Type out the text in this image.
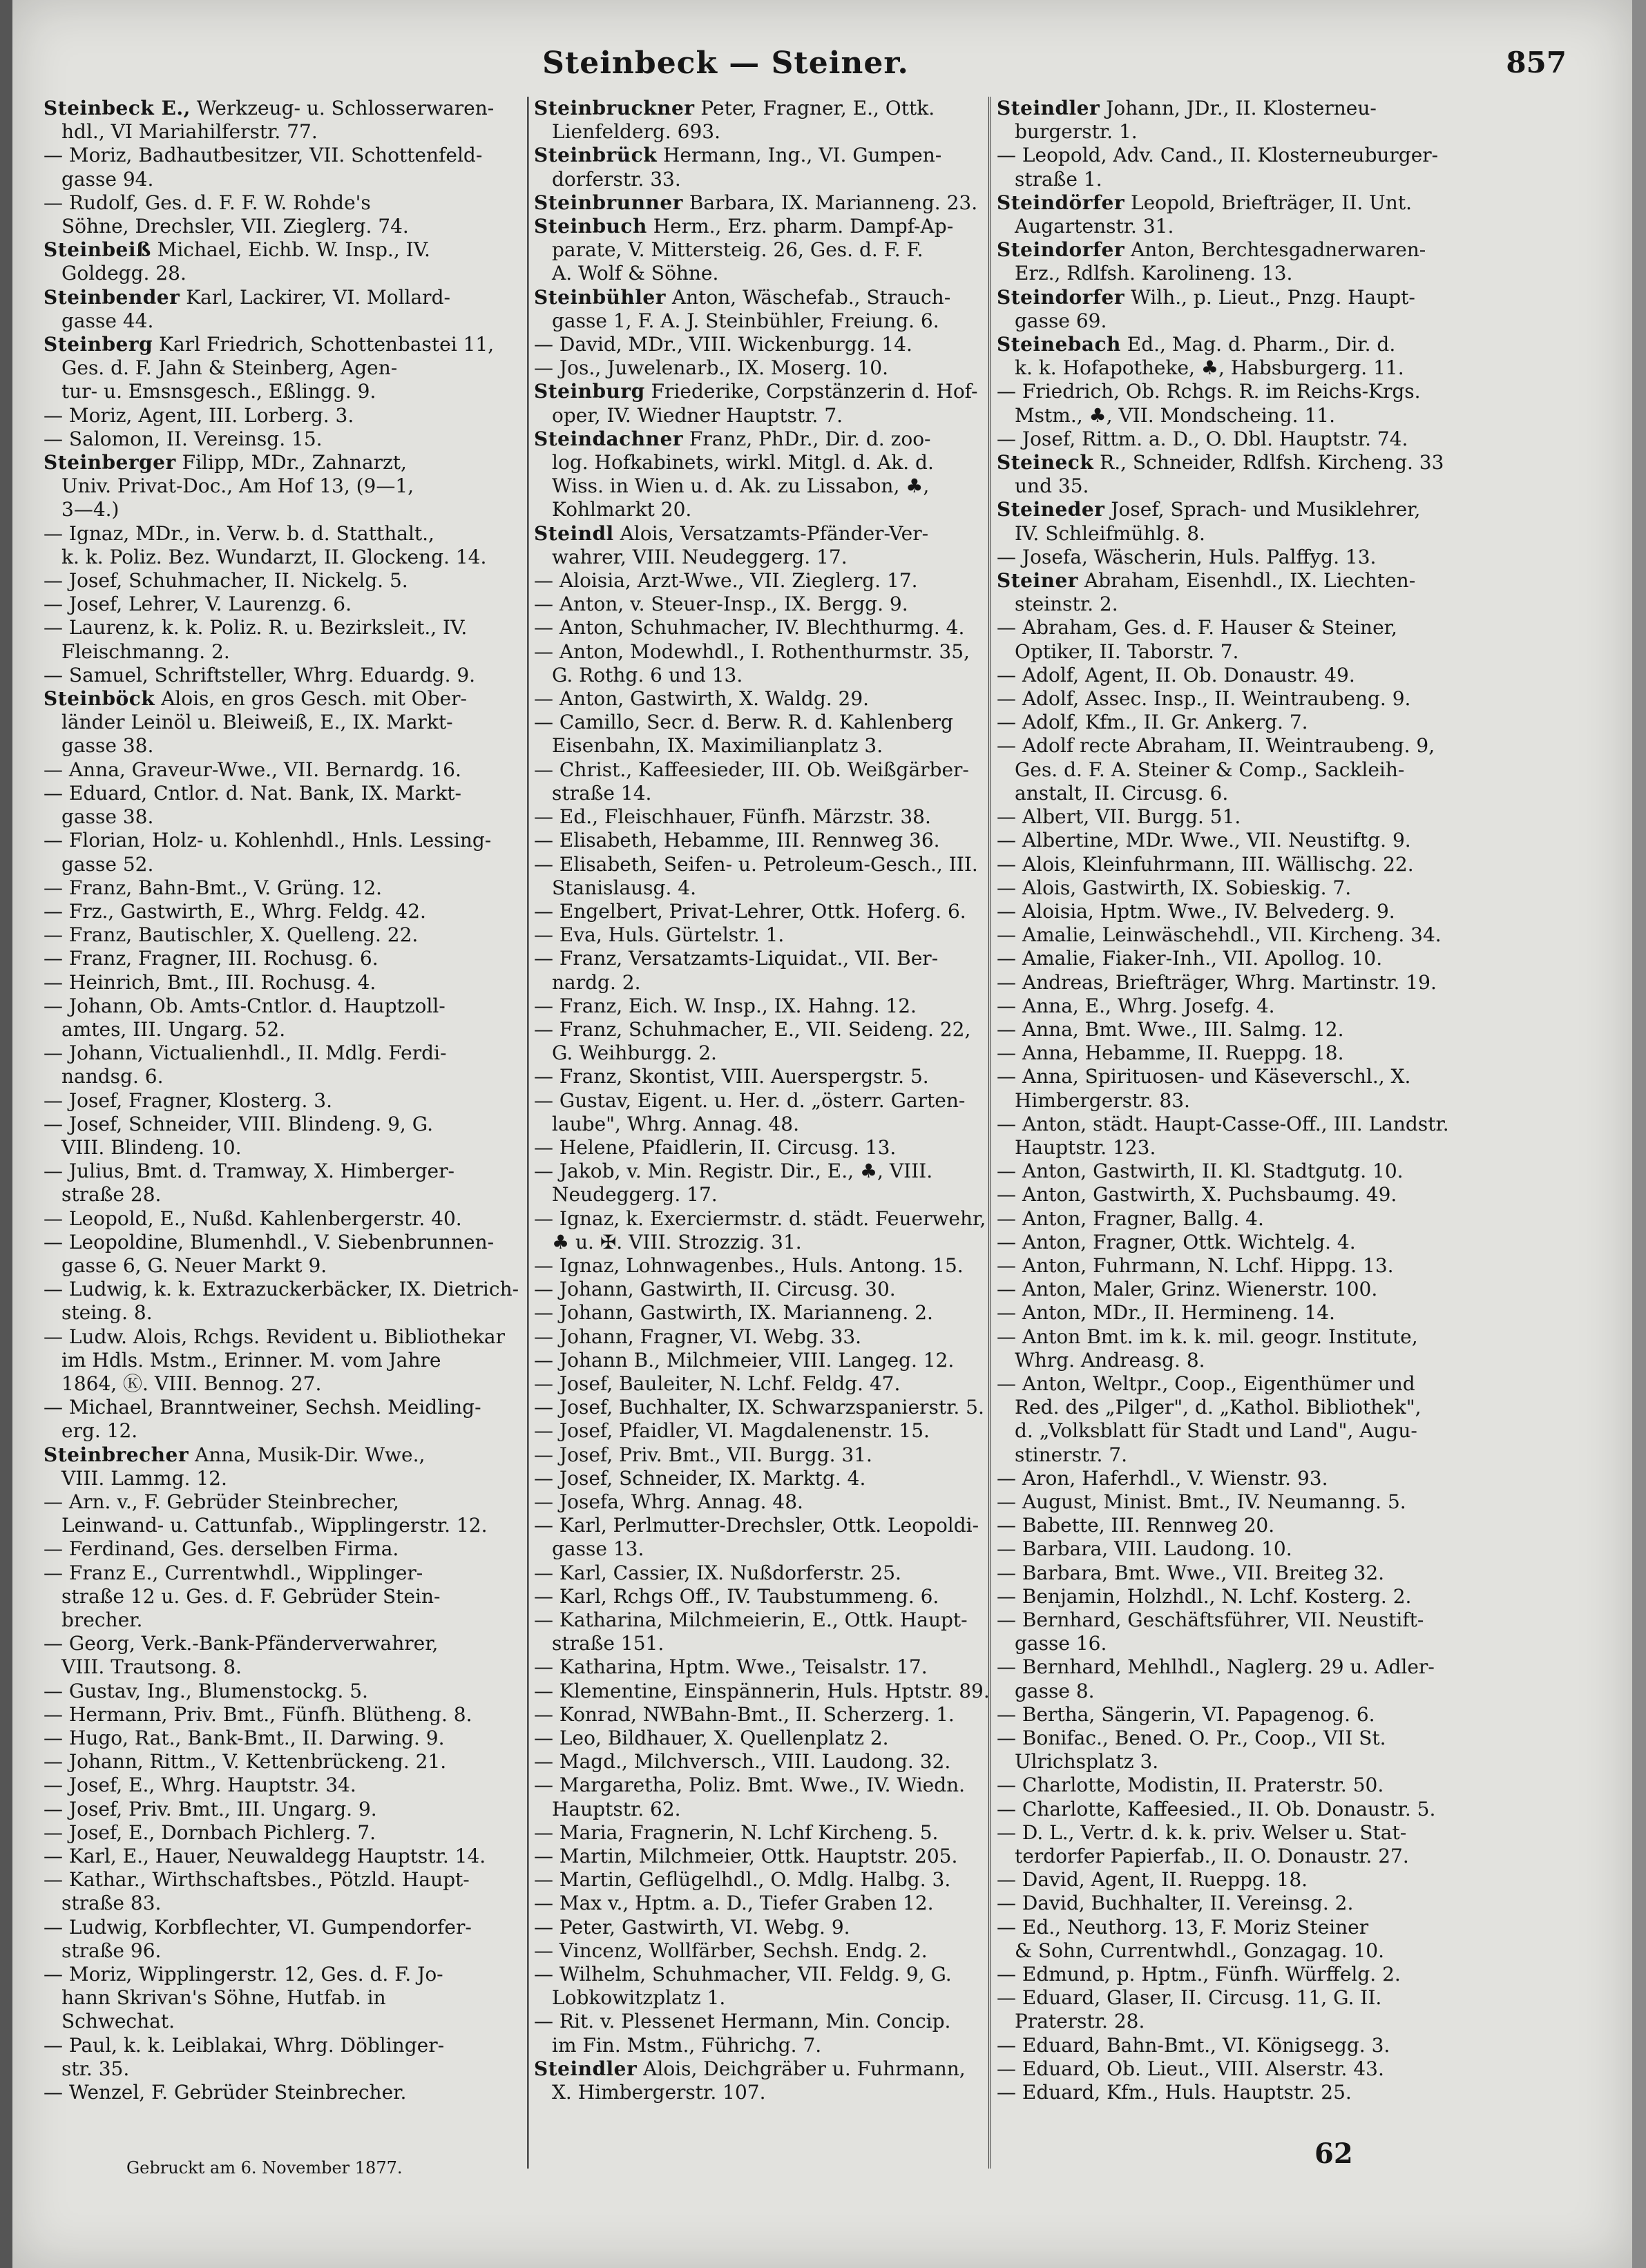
Steinbeck — Steiner.	857
Steinbeck E., Werkzeug- u. Schlosserwaren-
hdl., VI Mariahilferstr. 77.
— Moriz, Badhautbesitzer, VII. Schottenfeld-
gasse 94.
— Rudolf, Ges. d. F. F. W. Rohde's
Söhne, Drechsler, VII. Zieglerg. 74.
Steinbeiß Michael, Eichb. W. Insp., IV.
Goldegg. 28.
Steinbender Karl, Lackirer, VI. Mollard-
gasse 44.
Steinberg Karl Friedrich, Schottenbastei 11,
Ges. d. F. Jahn & Steinberg, Agen-
tur- u. Emsnsgesch., Eßlingg. 9.
— Moriz, Agent, III. Lorberg. 3.
— Salomon, II. Vereinsg. 15.
Steinberger Filipp, MDr., Zahnarzt,
Univ. Privat-Doc., Am Hof 13, (9—1,
3—4.)
— Ignaz, MDr., in. Verw. b. d. Statthalt.,
k. k. Poliz. Bez. Wundarzt, II. Glockeng. 14.
— Josef, Schuhmacher, II. Nickelg. 5.
— Josef, Lehrer, V. Laurenzg. 6.
— Laurenz, k. k. Poliz. R. u. Bezirksleit., IV.
Fleischmanng. 2.
— Samuel, Schriftsteller, Whrg. Eduardg. 9.
Steinböck Alois, en gros Gesch. mit Ober-
länder Leinöl u. Bleiweiß, E., IX. Markt-
gasse 38.
— Anna, Graveur-Wwe., VII. Bernardg. 16.
— Eduard, Cntlor. d. Nat. Bank, IX. Markt-
gasse 38.
— Florian, Holz- u. Kohlenhdl., Hnls. Lessing-
gasse 52.
— Franz, Bahn-Bmt., V. Grüng. 12.
— Frz., Gastwirth, E., Whrg. Feldg. 42.
— Franz, Bautischler, X. Quelleng. 22.
— Franz, Fragner, III. Rochusg. 6.
— Heinrich, Bmt., III. Rochusg. 4.
— Johann, Ob. Amts-Cntlor. d. Hauptzoll-
amtes, III. Ungarg. 52.
— Johann, Victualienhdl., II. Mdlg. Ferdi-
nandsg. 6.
— Josef, Fragner, Klosterg. 3.
— Josef, Schneider, VIII. Blindeng. 9, G.
VIII. Blindeng. 10.
— Julius, Bmt. d. Tramway, X. Himberger-
straße 28.
— Leopold, E., Nußd. Kahlenbergerstr. 40.
— Leopoldine, Blumenhdl., V. Siebenbrunnen-
gasse 6, G. Neuer Markt 9.
— Ludwig, k. k. Extrazuckerbäcker, IX. Dietrich-
steing. 8.
— Ludw. Alois, Rchgs. Revident u. Bibliothekar
im Hdls. Mstm., Erinner. M. vom Jahre
1864, Ⓚ. VIII. Bennog. 27.
— Michael, Branntweiner, Sechsh. Meidling-
erg. 12.
Steinbrecher Anna, Musik-Dir. Wwe.,
VIII. Lammg. 12.
— Arn. v., F. Gebrüder Steinbrecher,
Leinwand- u. Cattunfab., Wipplingerstr. 12.
— Ferdinand, Ges. derselben Firma.
— Franz E., Currentwhdl., Wipplinger-
straße 12 u. Ges. d. F. Gebrüder Stein-
brecher.
— Georg, Verk.-Bank-Pfänderverwahrer,
VIII. Trautsong. 8.
— Gustav, Ing., Blumenstockg. 5.
— Hermann, Priv. Bmt., Fünfh. Blütheng. 8.
— Hugo, Rat., Bank-Bmt., II. Darwing. 9.
— Johann, Rittm., V. Kettenbrückeng. 21.
— Josef, E., Whrg. Hauptstr. 34.
— Josef, Priv. Bmt., III. Ungarg. 9.
— Josef, E., Dornbach Pichlerg. 7.
— Karl, E., Hauer, Neuwaldegg Hauptstr. 14.
— Kathar., Wirthschaftsbes., Pötzld. Haupt-
straße 83.
— Ludwig, Korbflechter, VI. Gumpendorfer-
straße 96.
— Moriz, Wipplingerstr. 12, Ges. d. F. Jo-
hann Skrivan's Söhne, Hutfab. in
Schwechat.
— Paul, k. k. Leiblakai, Whrg. Döblinger-
str. 35.
— Wenzel, F. Gebrüder Steinbrecher.
Steinbruckner Peter, Fragner, E., Ottk.
Lienfelderg. 693.
Steinbrück Hermann, Ing., VI. Gumpen-
dorferstr. 33.
Steinbrunner Barbara, IX. Marianneng. 23.
Steinbuch Herm., Erz. pharm. Dampf-Ap-
parate, V. Mittersteig. 26, Ges. d. F. F.
A. Wolf & Söhne.
Steinbühler Anton, Wäschefab., Strauch-
gasse 1, F. A. J. Steinbühler, Freiung. 6.
— David, MDr., VIII. Wickenburgg. 14.
— Jos., Juwelenarb., IX. Moserg. 10.
Steinburg Friederike, Corpstänzerin d. Hof-
oper, IV. Wiedner Hauptstr. 7.
Steindachner Franz, PhDr., Dir. d. zoo-
log. Hofkabinets, wirkl. Mitgl. d. Ak. d.
Wiss. in Wien u. d. Ak. zu Lissabon, ♣,
Kohlmarkt 20.
Steindl Alois, Versatzamts-Pfänder-Ver-
wahrer, VIII. Neudeggerg. 17.
— Aloisia, Arzt-Wwe., VII. Zieglerg. 17.
— Anton, v. Steuer-Insp., IX. Bergg. 9.
— Anton, Schuhmacher, IV. Blechthurmg. 4.
— Anton, Modewhdl., I. Rothenthurmstr. 35,
G. Rothg. 6 und 13.
— Anton, Gastwirth, X. Waldg. 29.
— Camillo, Secr. d. Berw. R. d. Kahlenberg
Eisenbahn, IX. Maximilianplatz 3.
— Christ., Kaffeesieder, III. Ob. Weißgärber-
straße 14.
— Ed., Fleischhauer, Fünfh. Märzstr. 38.
— Elisabeth, Hebamme, III. Rennweg 36.
— Elisabeth, Seifen- u. Petroleum-Gesch., III.
Stanislausg. 4.
— Engelbert, Privat-Lehrer, Ottk. Hoferg. 6.
— Eva, Huls. Gürtelstr. 1.
— Franz, Versatzamts-Liquidat., VII. Ber-
nardg. 2.
— Franz, Eich. W. Insp., IX. Hahng. 12.
— Franz, Schuhmacher, E., VII. Seideng. 22,
G. Weihburgg. 2.
— Franz, Skontist, VIII. Auerspergstr. 5.
— Gustav, Eigent. u. Her. d. „österr. Garten-
laube", Whrg. Annag. 48.
— Helene, Pfaidlerin, II. Circusg. 13.
— Jakob, v. Min. Registr. Dir., E., ♣, VIII.
Neudeggerg. 17.
— Ignaz, k. Exerciermstr. d. städt. Feuerwehr,
♣ u. ✠. VIII. Strozzig. 31.
— Ignaz, Lohnwagenbes., Huls. Antong. 15.
— Johann, Gastwirth, II. Circusg. 30.
— Johann, Gastwirth, IX. Marianneng. 2.
— Johann, Fragner, VI. Webg. 33.
— Johann B., Milchmeier, VIII. Langeg. 12.
— Josef, Bauleiter, N. Lchf. Feldg. 47.
— Josef, Buchhalter, IX. Schwarzspanierstr. 5.
— Josef, Pfaidler, VI. Magdalenenstr. 15.
— Josef, Priv. Bmt., VII. Burgg. 31.
— Josef, Schneider, IX. Marktg. 4.
— Josefa, Whrg. Annag. 48.
— Karl, Perlmutter-Drechsler, Ottk. Leopoldi-
gasse 13.
— Karl, Cassier, IX. Nußdorferstr. 25.
— Karl, Rchgs Off., IV. Taubstummeng. 6.
— Katharina, Milchmeierin, E., Ottk. Haupt-
straße 151.
— Katharina, Hptm. Wwe., Teisalstr. 17.
— Klementine, Einspännerin, Huls. Hptstr. 89.
— Konrad, NWBahn-Bmt., II. Scherzerg. 1.
— Leo, Bildhauer, X. Quellenplatz 2.
— Magd., Milchversch., VIII. Laudong. 32.
— Margaretha, Poliz. Bmt. Wwe., IV. Wiedn.
Hauptstr. 62.
— Maria, Fragnerin, N. Lchf Kircheng. 5.
— Martin, Milchmeier, Ottk. Hauptstr. 205.
— Martin, Geflügelhdl., O. Mdlg. Halbg. 3.
— Max v., Hptm. a. D., Tiefer Graben 12.
— Peter, Gastwirth, VI. Webg. 9.
— Vincenz, Wollfärber, Sechsh. Endg. 2.
— Wilhelm, Schuhmacher, VII. Feldg. 9, G.
Lobkowitzplatz 1.
— Rit. v. Plessenet Hermann, Min. Concip.
im Fin. Mstm., Führichg. 7.
Steindler Alois, Deichgräber u. Fuhrmann,
X. Himbergerstr. 107.
Steindler Johann, JDr., II. Klosterneu-
burgerstr. 1.
— Leopold, Adv. Cand., II. Klosterneuburger-
straße 1.
Steindörfer Leopold, Briefträger, II. Unt.
Augartenstr. 31.
Steindorfer Anton, Berchtesgadnerwaren-
Erz., Rdlfsh. Karolineng. 13.
Steindorfer Wilh., p. Lieut., Pnzg. Haupt-
gasse 69.
Steinebach Ed., Mag. d. Pharm., Dir. d.
k. k. Hofapotheke, ♣, Habsburgerg. 11.
— Friedrich, Ob. Rchgs. R. im Reichs-Krgs.
Mstm., ♣, VII. Mondscheing. 11.
— Josef, Rittm. a. D., O. Dbl. Hauptstr. 74.
Steineck R., Schneider, Rdlfsh. Kircheng. 33
und 35.
Steineder Josef, Sprach- und Musiklehrer,
IV. Schleifmühlg. 8.
— Josefa, Wäscherin, Huls. Palffyg. 13.
Steiner Abraham, Eisenhdl., IX. Liechten-
steinstr. 2.
— Abraham, Ges. d. F. Hauser & Steiner,
Optiker, II. Taborstr. 7.
— Adolf, Agent, II. Ob. Donaustr. 49.
— Adolf, Assec. Insp., II. Weintraubeng. 9.
— Adolf, Kfm., II. Gr. Ankerg. 7.
— Adolf recte Abraham, II. Weintraubeng. 9,
Ges. d. F. A. Steiner & Comp., Sackleih-
anstalt, II. Circusg. 6.
— Albert, VII. Burgg. 51.
— Albertine, MDr. Wwe., VII. Neustiftg. 9.
— Alois, Kleinfuhrmann, III. Wällischg. 22.
— Alois, Gastwirth, IX. Sobieskig. 7.
— Aloisia, Hptm. Wwe., IV. Belvederg. 9.
— Amalie, Leinwäschehdl., VII. Kircheng. 34.
— Amalie, Fiaker-Inh., VII. Apollog. 10.
— Andreas, Briefträger, Whrg. Martinstr. 19.
— Anna, E., Whrg. Josefg. 4.
— Anna, Bmt. Wwe., III. Salmg. 12.
— Anna, Hebamme, II. Rueppg. 18.
— Anna, Spirituosen- und Käseverschl., X.
Himbergerstr. 83.
— Anton, städt. Haupt-Casse-Off., III. Landstr.
Hauptstr. 123.
— Anton, Gastwirth, II. Kl. Stadtgutg. 10.
— Anton, Gastwirth, X. Puchsbaumg. 49.
— Anton, Fragner, Ballg. 4.
— Anton, Fragner, Ottk. Wichtelg. 4.
— Anton, Fuhrmann, N. Lchf. Hippg. 13.
— Anton, Maler, Grinz. Wienerstr. 100.
— Anton, MDr., II. Hermineng. 14.
— Anton Bmt. im k. k. mil. geogr. Institute,
Whrg. Andreasg. 8.
— Anton, Weltpr., Coop., Eigenthümer und
Red. des „Pilger", d. „Kathol. Bibliothek",
d. „Volksblatt für Stadt und Land", Augu-
stinerstr. 7.
— Aron, Haferhdl., V. Wienstr. 93.
— August, Minist. Bmt., IV. Neumanng. 5.
— Babette, III. Rennweg 20.
— Barbara, VIII. Laudong. 10.
— Barbara, Bmt. Wwe., VII. Breiteg 32.
— Benjamin, Holzhdl., N. Lchf. Kosterg. 2.
— Bernhard, Geschäftsführer, VII. Neustift-
gasse 16.
— Bernhard, Mehlhdl., Naglerg. 29 u. Adler-
gasse 8.
— Bertha, Sängerin, VI. Papagenog. 6.
— Bonifac., Bened. O. Pr., Coop., VII St.
Ulrichsplatz 3.
— Charlotte, Modistin, II. Praterstr. 50.
— Charlotte, Kaffeesied., II. Ob. Donaustr. 5.
— D. L., Vertr. d. k. k. priv. Welser u. Stat-
terdorfer Papierfab., II. O. Donaustr. 27.
— David, Agent, II. Rueppg. 18.
— David, Buchhalter, II. Vereinsg. 2.
— Ed., Neuthorg. 13, F. Moriz Steiner
& Sohn, Currentwhdl., Gonzagag. 10.
— Edmund, p. Hptm., Fünfh. Würffelg. 2.
— Eduard, Glaser, II. Circusg. 11, G. II.
Praterstr. 28.
— Eduard, Bahn-Bmt., VI. Königsegg. 3.
— Eduard, Ob. Lieut., VIII. Alserstr. 43.
— Eduard, Kfm., Huls. Hauptstr. 25.
Gebruckt am 6. November 1877.	62
